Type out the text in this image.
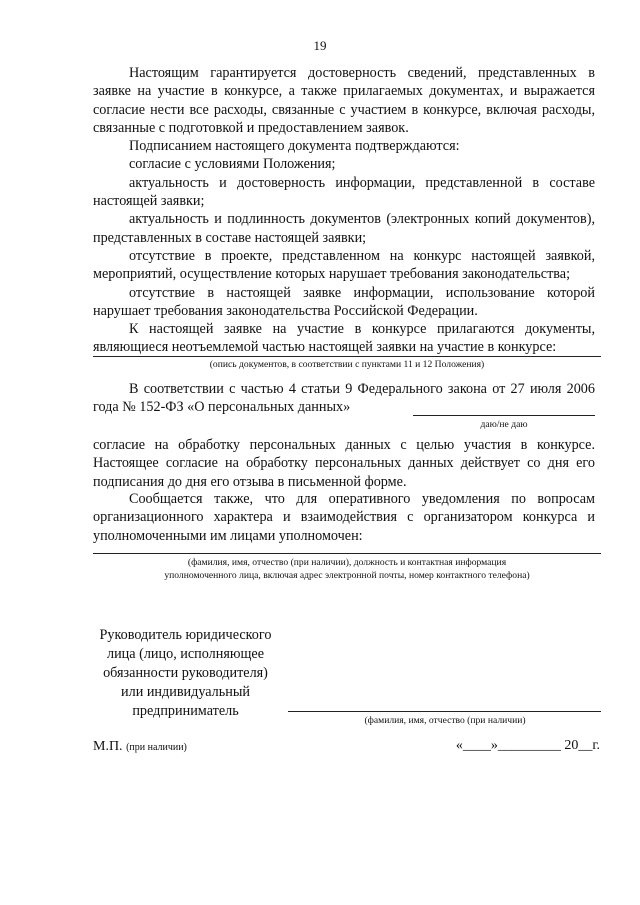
19

Настоящим гарантируется достоверность сведений, представленных в заявке на участие в конкурсе, а также прилагаемых документах, и выражается согласие нести все расходы, связанные с участием в конкурсе, включая расходы, связанные с подготовкой и предоставлением заявок.

Подписанием настоящего документа подтверждаются:

согласие с условиями Положения;

актуальность и достоверность информации, представленной в составе настоящей заявки;

актуальность и подлинность документов (электронных копий документов), представленных в составе настоящей заявки;

отсутствие в проекте, представленном на конкурс настоящей заявкой, мероприятий, осуществление которых нарушает требования законодательства;

отсутствие в настоящей заявке информации, использование которой нарушает требования законодательства Российской Федерации.

К настоящей заявке на участие в конкурсе прилагаются документы, являющиеся неотъемлемой частью настоящей заявки на участие в конкурсе:

(опись документов, в соответствии с пунктами 11 и 12 Положения)

В соответствии с частью 4 статьи 9 Федерального закона от 27 июля 2006 года № 152-ФЗ «О персональных данных»

даю/не даю

согласие на обработку персональных данных с целью участия в конкурсе. Настоящее согласие на обработку персональных данных действует со дня его подписания до дня его отзыва в письменной форме.

Сообщается также, что для оперативного уведомления по вопросам организационного характера и взаимодействия с организатором конкурса и уполномоченными им лицами уполномочен:

(фамилия, имя, отчество (при наличии), должность и контактная информация
уполномоченного лица, включая адрес электронной почты, номер контактного телефона)
Руководитель юридического
лица (лицо, исполняющее
обязанности руководителя)
или индивидуальный
предприниматель
(фамилия, имя, отчество (при наличии)
М.П. (при наличии)	«____»_________ 20__г.
